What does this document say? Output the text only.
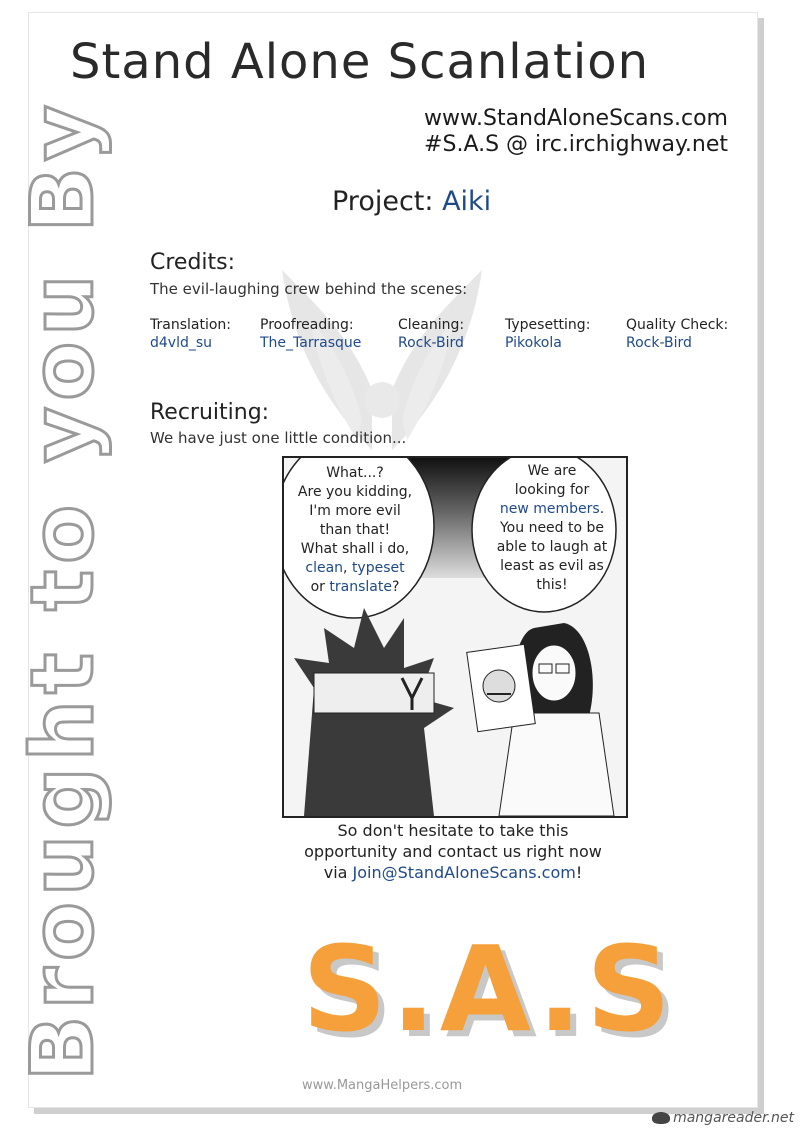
Brought to you By
Stand Alone Scanlation
www.StandAloneScans.com
#S.A.S @ irc.irchighway.net
Project: Aiki
Credits:
The evil-laughing crew behind the scenes:
Translation:
d4vld_su
Proofreading:
The_Tarrasque
Cleaning:
Rock-Bird
Typesetting:
Pikokola
Quality Check:
Rock-Bird
Recruiting:
We have just one little condition...
What...?
Are you kidding,
I'm more evil
than that!
What shall i do,
clean, typeset
or translate?
We are
looking for
new members.
You need to be
able to laugh at
least as evil as
this!
So don't hesitate to take this
opportunity and contact us right now
via Join@StandAloneScans.com!
S.A.S
www.MangaHelpers.com
mangareader.net
